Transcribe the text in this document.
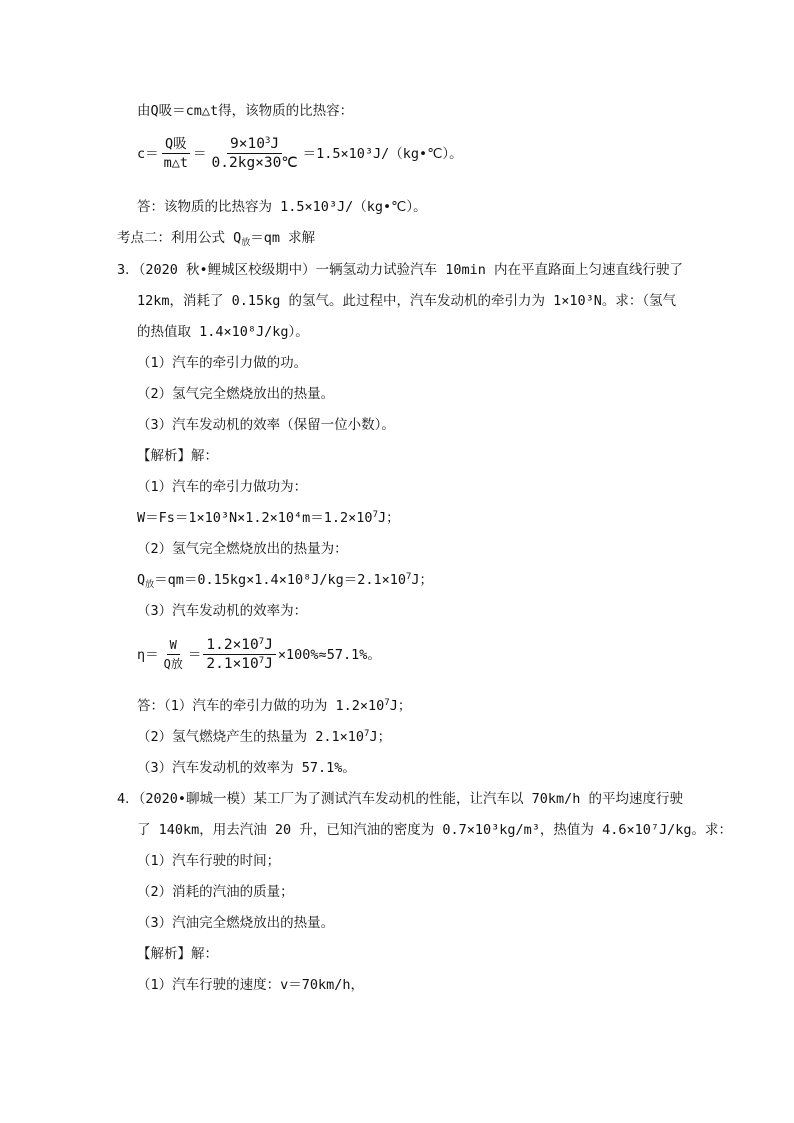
由Q吸＝cm△t得，该物质的比热容：
$c= \frac{\text{Q吸}}{m\triangle t} = \frac{9\times 10^3J}{0.2kg\times 30℃}$ ＝1.5×10³J/（kg•℃）。
答：该物质的比热容为 1.5×10³J/（kg•℃）。
考点二：利用公式 $Q_放=qm$ 求解
3．（2020 秋•鲤城区校级期中）一辆氢动力试验汽车 10min 内在平直路面上匀速直线行驶了
12km，消耗了 0.15kg 的氢气。此过程中，汽车发动机的牵引力为 1×10³N。求：（氢气
的热值取 1.4×10⁸J/kg）。
（1）汽车的牵引力做的功。
（2）氢气完全燃烧放出的热量。
（3）汽车发动机的效率（保留一位小数）。
【解析】解：
（1）汽车的牵引力做功为：
$W=Fs=1\times 10^3N\times 1.2\times 10^4m=1.2\times 10^7J$；
（2）氢气完全燃烧放出的热量为：
$Q_放=qm=0.15kg\times 1.4\times 10^8J/kg=2.1\times 10^7J$；
（3）汽车发动机的效率为：
$\eta= \frac{W}{\text{Q放}} = \frac{1.2\times 10^7J}{2.1\times 10^7J} \times 100\%\approx 57.1\%$。
答：（1）汽车的牵引力做的功为 $1.2\times 10^7J$；
（2）氢气燃烧产生的热量为 $2.1\times 10^7J$；
（3）汽车发动机的效率为 57.1%。
4．（2020•聊城一模）某工厂为了测试汽车发动机的性能，让汽车以 70km/h 的平均速度行驶
了 140km，用去汽油 20 升，已知汽油的密度为 0.7×10³kg/m³，热值为 4.6×10⁷J/kg。求：
（1）汽车行驶的时间；
（2）消耗的汽油的质量；
（3）汽油完全燃烧放出的热量。
【解析】解：
（1）汽车行驶的速度：v＝70km/h，
